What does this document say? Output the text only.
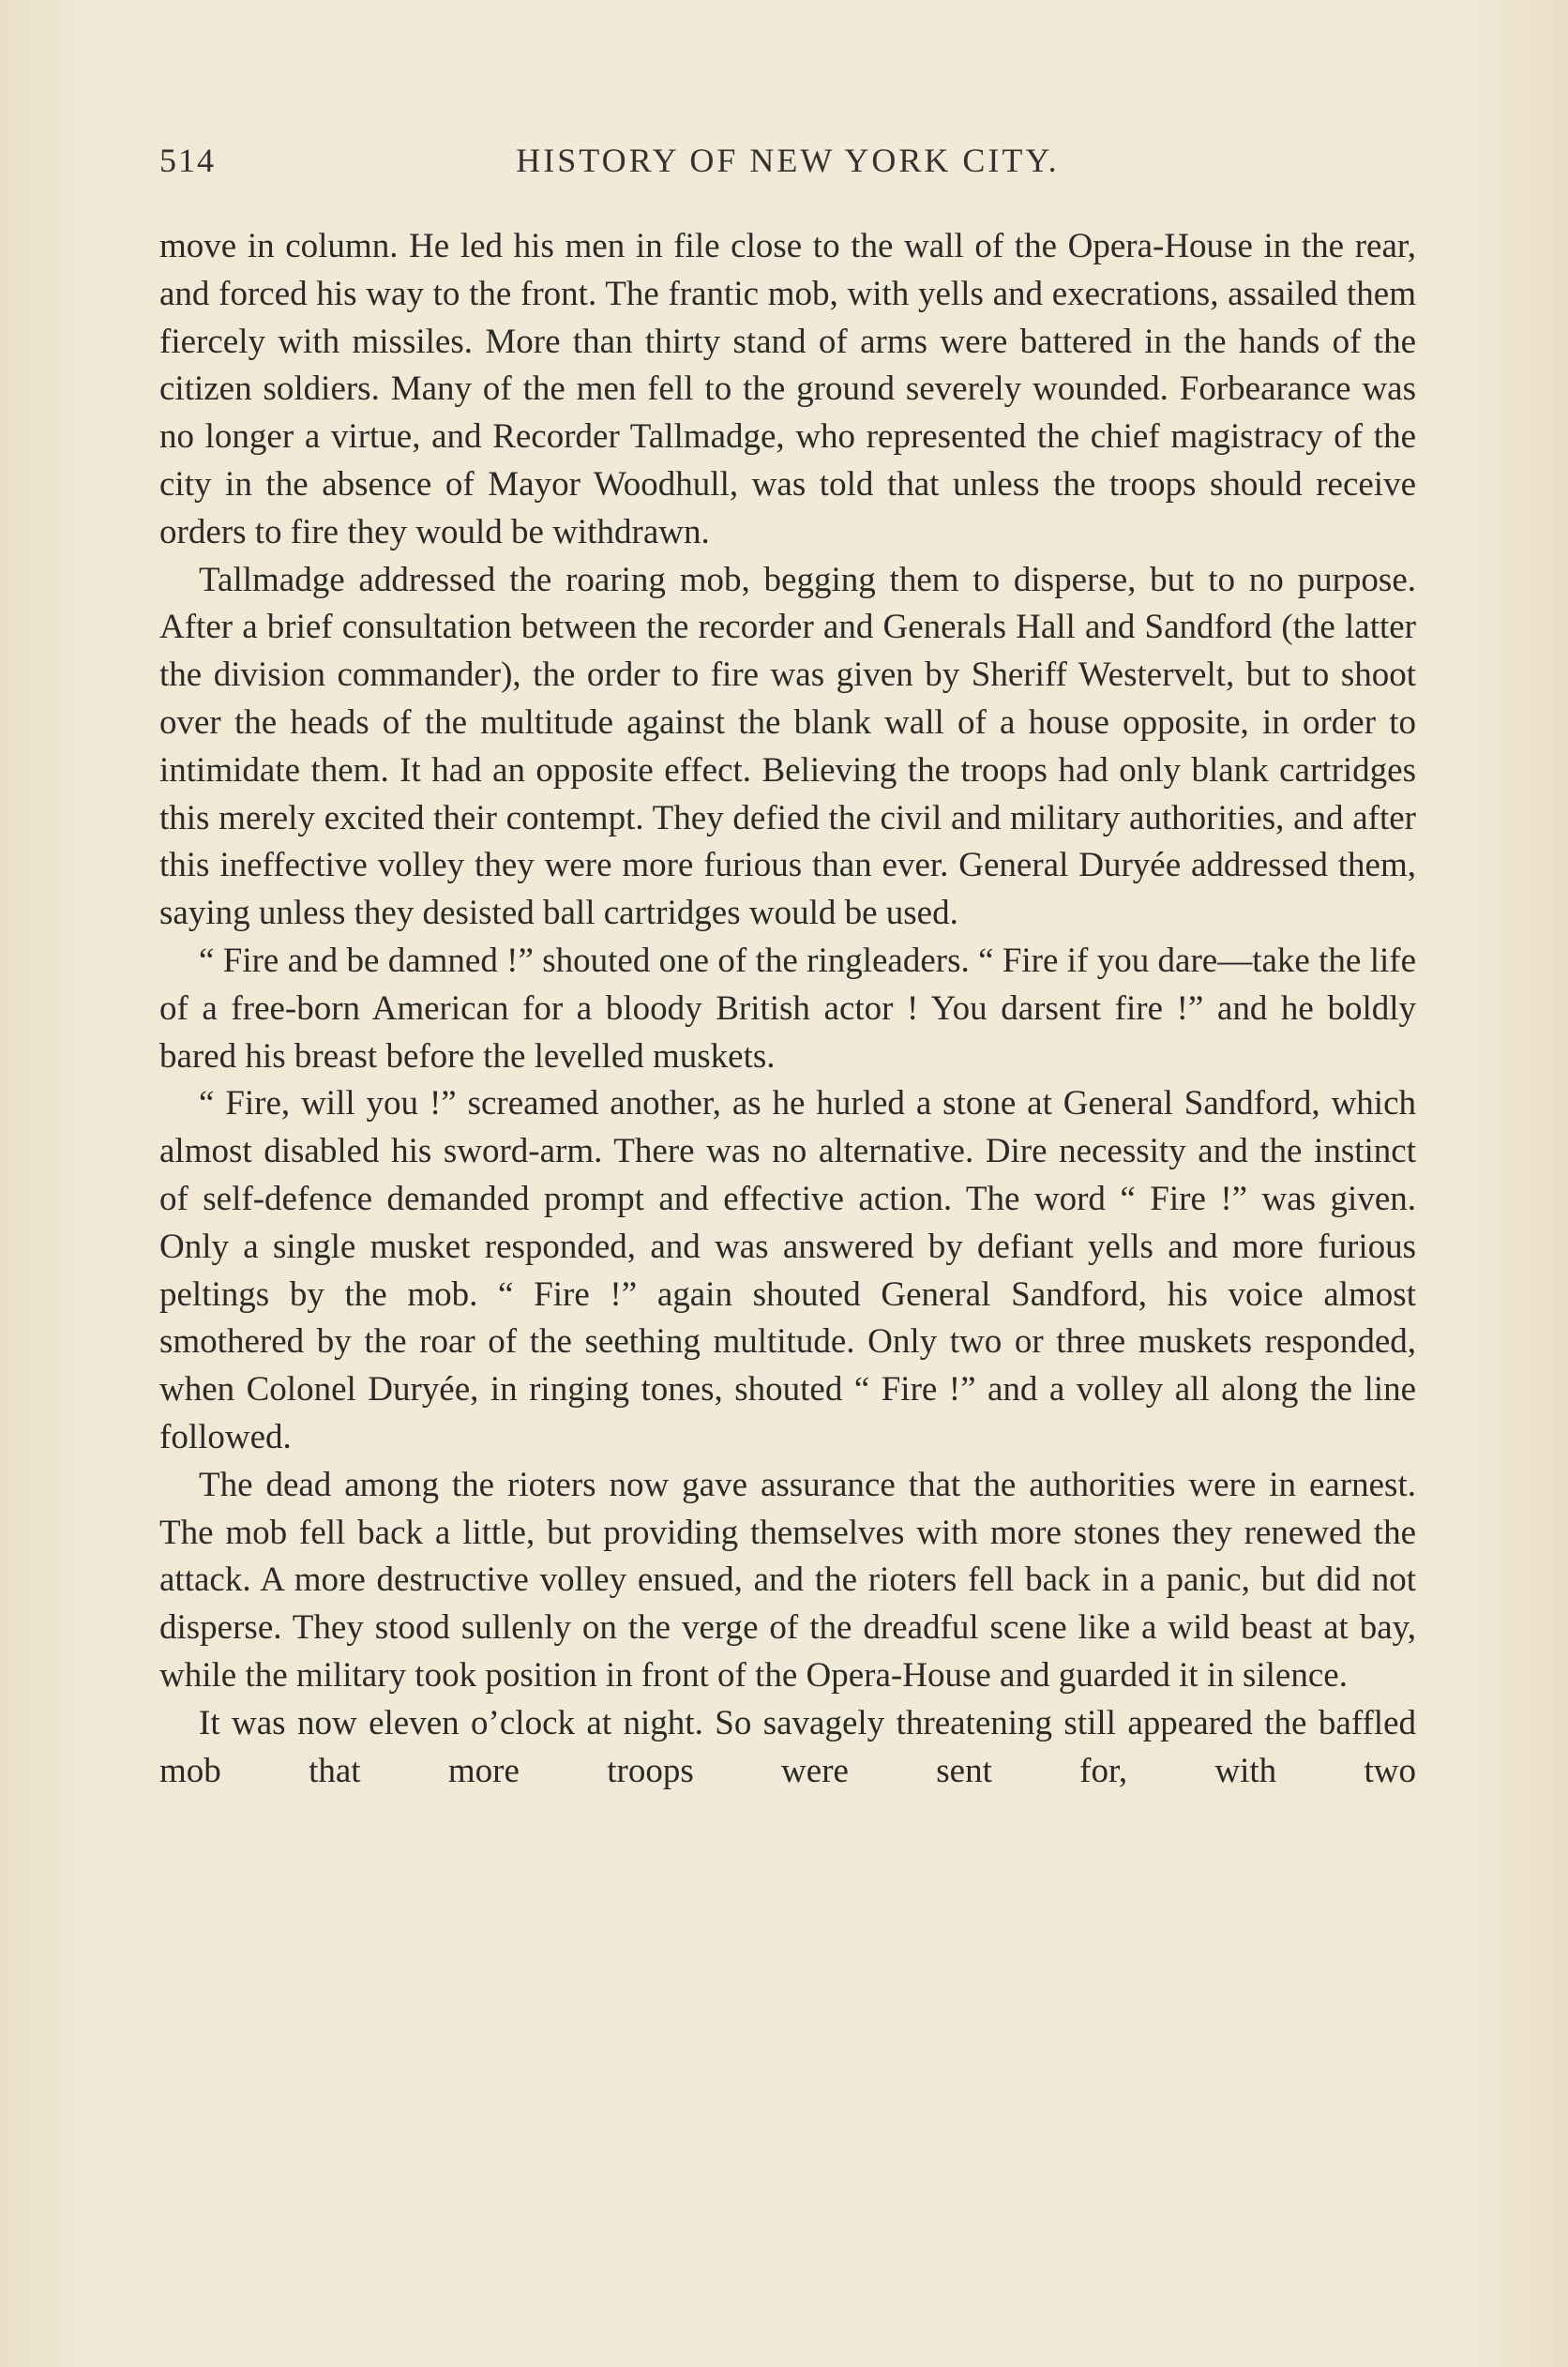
514	HISTORY OF NEW YORK CITY.

move in column. He led his men in file close to the wall of the Opera-House in the rear, and forced his way to the front. The frantic mob, with yells and execrations, assailed them fiercely with missiles. More than thirty stand of arms were battered in the hands of the citizen soldiers. Many of the men fell to the ground severely wounded. Forbearance was no longer a virtue, and Recorder Tallmadge, who represented the chief magistracy of the city in the absence of Mayor Woodhull, was told that unless the troops should receive orders to fire they would be withdrawn.

Tallmadge addressed the roaring mob, begging them to disperse, but to no purpose. After a brief consultation between the recorder and Generals Hall and Sandford (the latter the division commander), the order to fire was given by Sheriff Westervelt, but to shoot over the heads of the multitude against the blank wall of a house opposite, in order to intimidate them. It had an opposite effect. Believing the troops had only blank cartridges this merely excited their contempt. They defied the civil and military authorities, and after this ineffective volley they were more furious than ever. General Duryée addressed them, saying unless they desisted ball cartridges would be used.

“ Fire and be damned !” shouted one of the ringleaders. “ Fire if you dare—take the life of a free-born American for a bloody British actor ! You darsent fire !” and he boldly bared his breast before the levelled muskets.

“ Fire, will you !” screamed another, as he hurled a stone at General Sandford, which almost disabled his sword-arm. There was no alternative. Dire necessity and the instinct of self-defence demanded prompt and effective action. The word “ Fire !” was given. Only a single musket responded, and was answered by defiant yells and more furious peltings by the mob. “ Fire !” again shouted General Sandford, his voice almost smothered by the roar of the seething multitude. Only two or three muskets responded, when Colonel Duryée, in ringing tones, shouted “ Fire !” and a volley all along the line followed.

The dead among the rioters now gave assurance that the authorities were in earnest. The mob fell back a little, but providing themselves with more stones they renewed the attack. A more destructive volley ensued, and the rioters fell back in a panic, but did not disperse. They stood sullenly on the verge of the dreadful scene like a wild beast at bay, while the military took position in front of the Opera-House and guarded it in silence.

It was now eleven o’clock at night. So savagely threatening still appeared the baffled mob that more troops were sent for, with two
